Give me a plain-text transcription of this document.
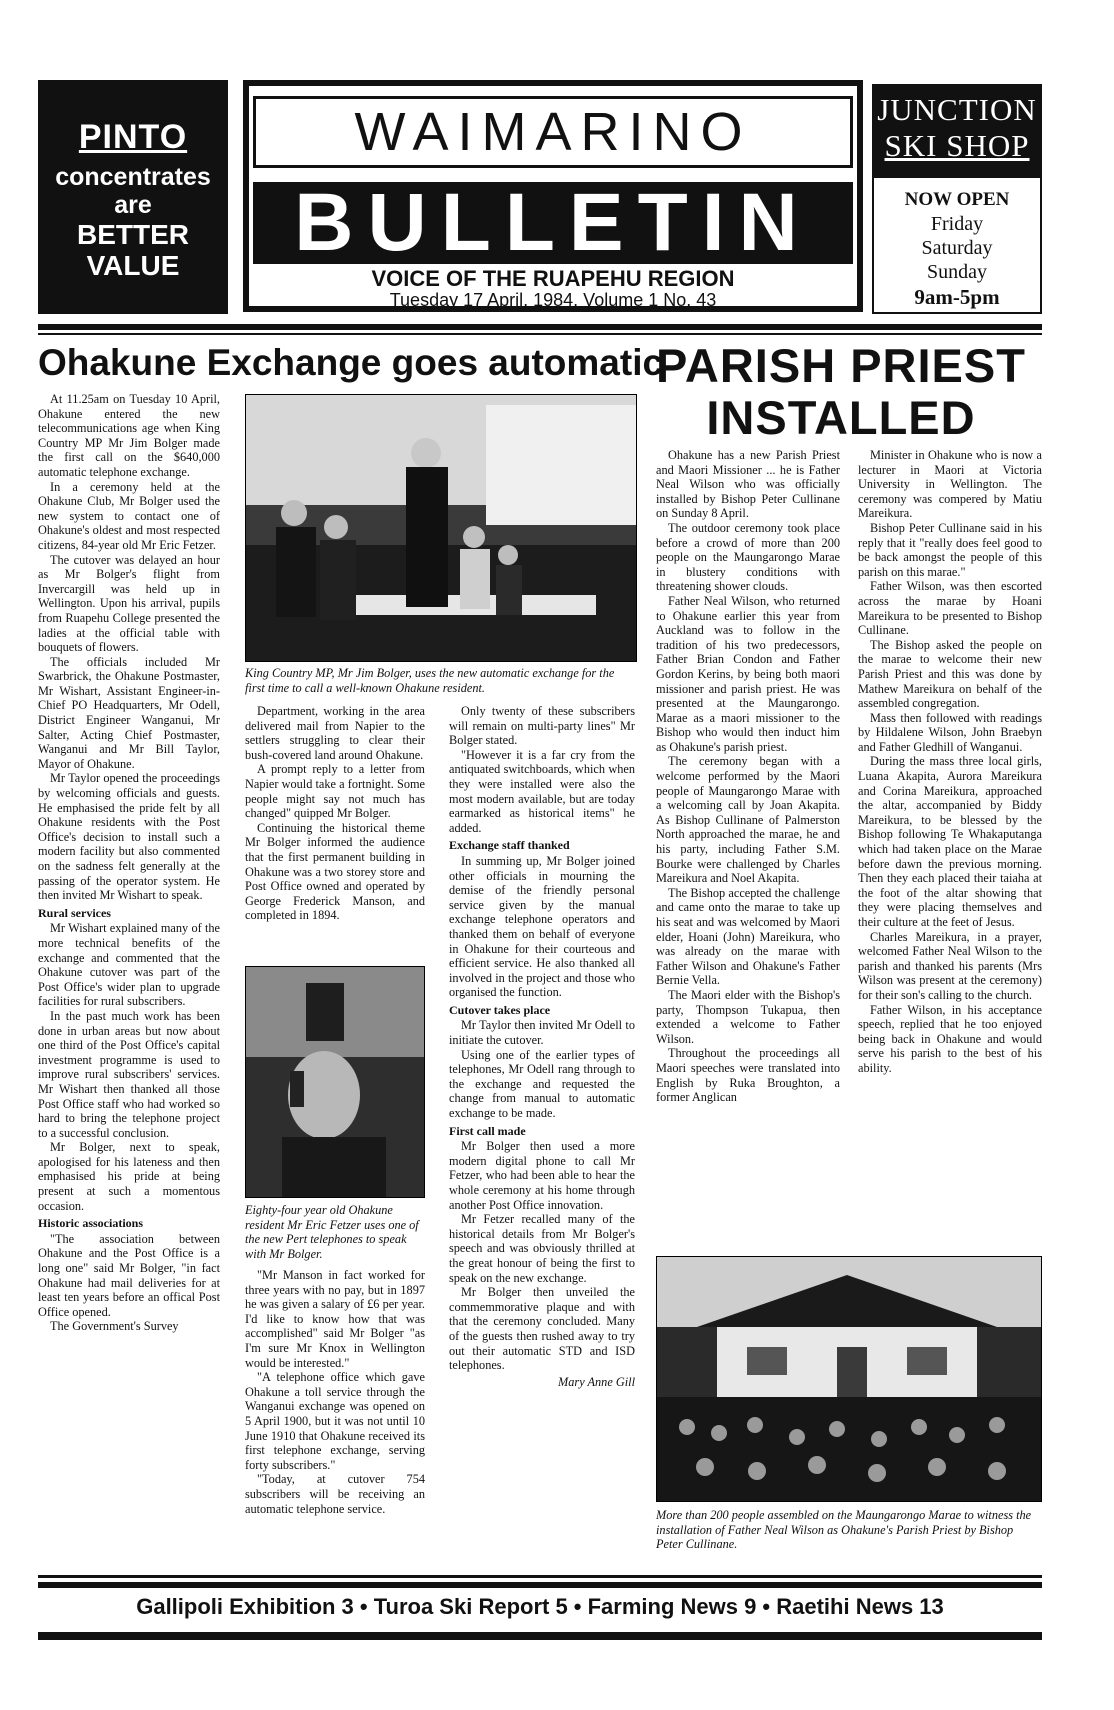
PINTO
concentrates
are
BETTER
VALUE
WAIMARINO
BULLETIN
VOICE OF THE RUAPEHU REGION
Tuesday 17 April, 1984. Volume 1 No. 43
JUNCTION
SKI SHOP
NOW OPEN
Friday
Saturday
Sunday
9am-5pm
Ohakune Exchange goes automatic
PARISH PRIEST
INSTALLED

At 11.25am on Tuesday 10 April, Ohakune entered the new telecommunications age when King Country MP Mr Jim Bolger made the first call on the $640,000 automatic telephone exchange.

In a ceremony held at the Ohakune Club, Mr Bolger used the new system to contact one of Ohakune's oldest and most respected citizens, 84-year old Mr Eric Fetzer.

The cutover was delayed an hour as Mr Bolger's flight from Invercargill was held up in Wellington. Upon his arrival, pupils from Ruapehu College presented the ladies at the official table with bouquets of flowers.

The officials included Mr Swarbrick, the Ohakune Postmaster, Mr Wishart, Assistant Engineer-in-Chief PO Headquarters, Mr Odell, District Engineer Wanganui, Mr Salter, Acting Chief Postmaster, Wanganui and Mr Bill Taylor, Mayor of Ohakune.

Mr Taylor opened the proceedings by welcoming officials and guests. He emphasised the pride felt by all Ohakune residents with the Post Office's decision to install such a modern facility but also commented on the sadness felt generally at the passing of the operator system. He then invited Mr Wishart to speak.

Rural services

Mr Wishart explained many of the more technical benefits of the exchange and commented that the Ohakune cutover was part of the Post Office's wider plan to upgrade facilities for rural subscribers.

In the past much work has been done in urban areas but now about one third of the Post Office's capital investment programme is used to improve rural subscribers' services. Mr Wishart then thanked all those Post Office staff who had worked so hard to bring the telephone project to a successful conclusion.

Mr Bolger, next to speak, apologised for his lateness and then emphasised his pride at being present at such a momentous occasion.

Historic associations

"The association between Ohakune and the Post Office is a long one" said Mr Bolger, "in fact Ohakune had mail deliveries for at least ten years before an offical Post Office opened.

The Government's Survey

King Country MP, Mr Jim Bolger, uses the new automatic exchange for the first time to call a well-known Ohakune resident.

Department, working in the area delivered mail from Napier to the settlers struggling to clear their bush-covered land around Ohakune.

A prompt reply to a letter from Napier would take a fortnight. Some people might say not much has changed" quipped Mr Bolger.

Continuing the historical theme Mr Bolger informed the audience that the first permanent building in Ohakune was a two storey store and Post Office owned and operated by George Frederick Manson, and completed in 1894.

Eighty-four year old Ohakune resident Mr Eric Fetzer uses one of the new Pert telephones to speak with Mr Bolger.

"Mr Manson in fact worked for three years with no pay, but in 1897 he was given a salary of £6 per year. I'd like to know how that was accomplished" said Mr Bolger "as I'm sure Mr Knox in Wellington would be interested."

"A telephone office which gave Ohakune a toll service through the Wanganui exchange was opened on 5 April 1900, but it was not until 10 June 1910 that Ohakune received its first telephone exchange, serving forty subscribers."

"Today, at cutover 754 subscribers will be receiving an automatic telephone service.

Only twenty of these subscribers will remain on multi-party lines" Mr Bolger stated.

"However it is a far cry from the antiquated switchboards, which when they were installed were also the most modern available, but are today earmarked as historical items" he added.

Exchange staff thanked

In summing up, Mr Bolger joined other officials in mourning the demise of the friendly personal service given by the manual exchange telephone operators and thanked them on behalf of everyone in Ohakune for their courteous and efficient service. He also thanked all involved in the project and those who organised the function.

Cutover takes place

Mr Taylor then invited Mr Odell to initiate the cutover.

Using one of the earlier types of telephones, Mr Odell rang through to the exchange and requested the change from manual to automatic exchange to be made.

First call made

Mr Bolger then used a more modern digital phone to call Mr Fetzer, who had been able to hear the whole ceremony at his home through another Post Office innovation.

Mr Fetzer recalled many of the historical details from Mr Bolger's speech and was obviously thrilled at the great honour of being the first to speak on the new exchange.

Mr Bolger then unveiled the commemmorative plaque and with that the ceremony concluded. Many of the guests then rushed away to try out their automatic STD and ISD telephones.

Mary Anne Gill

Ohakune has a new Parish Priest and Maori Missioner ... he is Father Neal Wilson who was officially installed by Bishop Peter Cullinane on Sunday 8 April.

The outdoor ceremony took place before a crowd of more than 200 people on the Maungarongo Marae in blustery conditions with threatening shower clouds.

Father Neal Wilson, who returned to Ohakune earlier this year from Auckland was to follow in the tradition of his two predecessors, Father Brian Condon and Father Gordon Kerins, by being both maori missioner and parish priest. He was presented at the Maungarongo. Marae as a maori missioner to the Bishop who would then induct him as Ohakune's parish priest.

The ceremony began with a welcome performed by the Maori people of Maungarongo Marae with a welcoming call by Joan Akapita. As Bishop Cullinane of Palmerston North approached the marae, he and his party, including Father S.M. Bourke were challenged by Charles Mareikura and Noel Akapita.

The Bishop accepted the challenge and came onto the marae to take up his seat and was welcomed by Maori elder, Hoani (John) Mareikura, who was already on the marae with Father Wilson and Ohakune's Father Bernie Vella.

The Maori elder with the Bishop's party, Thompson Tukapua, then extended a welcome to Father Wilson.

Throughout the proceedings all Maori speeches were translated into English by Ruka Broughton, a former Anglican

Minister in Ohakune who is now a lecturer in Maori at Victoria University in Wellington. The ceremony was compered by Matiu Mareikura.

Bishop Peter Cullinane said in his reply that it "really does feel good to be back amongst the people of this parish on this marae."

Father Wilson, was then escorted across the marae by Hoani Mareikura to be presented to Bishop Cullinane.

The Bishop asked the people on the marae to welcome their new Parish Priest and this was done by Mathew Mareikura on behalf of the assembled congregation.

Mass then followed with readings by Hildalene Wilson, John Braebyn and Father Gledhill of Wanganui.

During the mass three local girls, Luana Akapita, Aurora Mareikura and Corina Mareikura, approached the altar, accompanied by Biddy Mareikura, to be blessed by the Bishop following Te Whakaputanga which had taken place on the Marae before dawn the previous morning. Then they each placed their taiaha at the foot of the altar showing that they were placing themselves and their culture at the feet of Jesus.

Charles Mareikura, in a prayer, welcomed Father Neal Wilson to the parish and thanked his parents (Mrs Wilson was present at the ceremony) for their son's calling to the church.

Father Wilson, in his acceptance speech, replied that he too enjoyed being back in Ohakune and would serve his parish to the best of his ability.

More than 200 people assembled on the Maungarongo Marae to witness the installation of Father Neal Wilson as Ohakune's Parish Priest by Bishop Peter Cullinane.
Gallipoli Exhibition 3 • Turoa Ski Report 5 • Farming News 9 • Raetihi News 13
